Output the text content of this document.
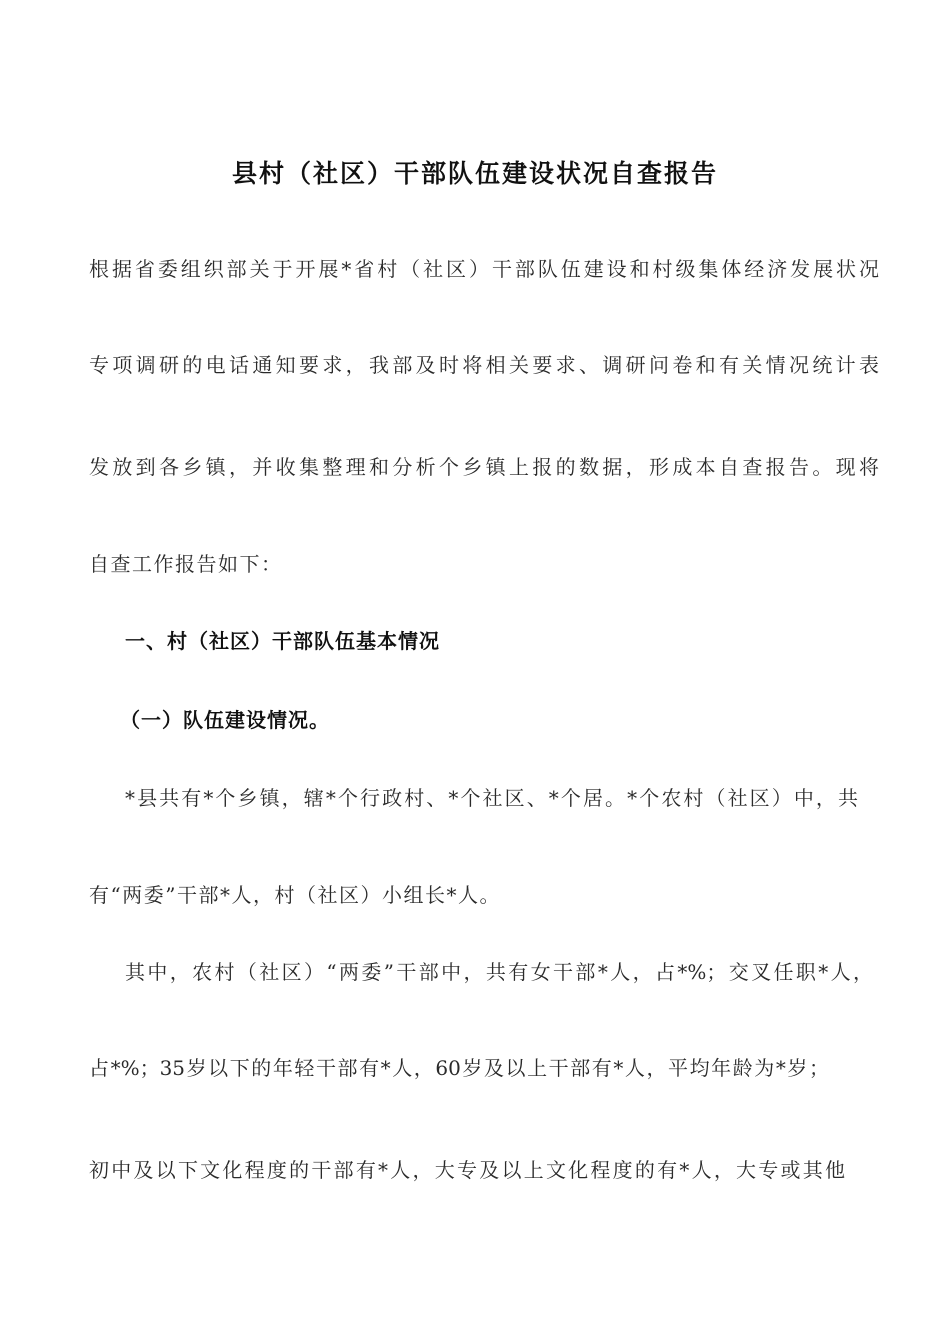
县村（社区）干部队伍建设状况自查报告
根据省委组织部关于开展*省村（社区）干部队伍建设和村级集体经济发展状况
专项调研的电话通知要求，我部及时将相关要求、调研问卷和有关情况统计表
发放到各乡镇，并收集整理和分析个乡镇上报的数据，形成本自查报告。现将
自查工作报告如下：
一、村（社区）干部队伍基本情况
（一）队伍建设情况。
*县共有*个乡镇，辖*个行政村、*个社区、*个居。*个农村（社区）中，共
有“两委”干部*人，村（社区）小组长*人。
其中，农村（社区）“两委”干部中，共有女干部*人，占*%；交叉任职*人，
占*%；35岁以下的年轻干部有*人，60岁及以上干部有*人，平均年龄为*岁；
初中及以下文化程度的干部有*人，大专及以上文化程度的有*人，大专或其他
